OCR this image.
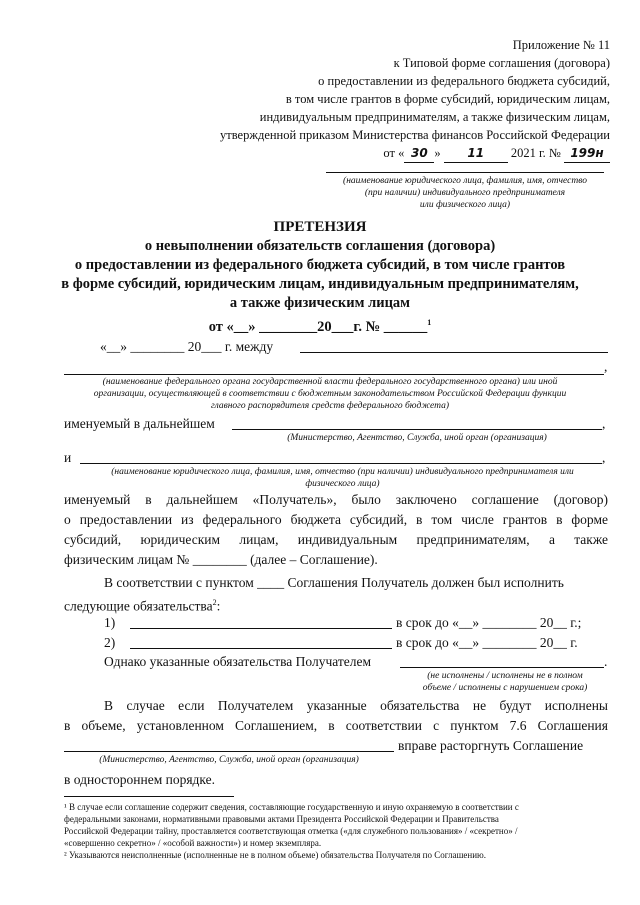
Приложение № 11
к Типовой форме соглашения (договора)
о предоставлении из федерального бюджета субсидий,
в том числе грантов в форме субсидий, юридическим лицам,
индивидуальным предпринимателям, а также физическим лицам,
утвержденной приказом Министерства финансов Российской Федерации
от « 30 » 11 2021 г. № 199н
(наименование юридического лица, фамилия, имя, отчество
(при наличии) индивидуального предпринимателя
или физического лица)
ПРЕТЕНЗИЯ
о невыполнении обязательств соглашения (договора)
о предоставлении из федерального бюджета субсидий, в том числе грантов
в форме субсидий, юридическим лицам, индивидуальным предпринимателям,
а также физическим лицам
от «__» ________20___г. № ______$^1$
«__» ________ 20___ г. между
,
(наименование федерального органа государственной власти федерального государственного органа) или иной
организации, осуществляющей в соответствии с бюджетным законодательством Российской Федерации функции
главного распорядителя средств федерального бюджета)
именуемый в дальнейшем	,
(Министерство, Агентство, Служба, иной орган (организация)
и	,
(наименование юридического лица, фамилия, имя, отчество (при наличии) индивидуального предпринимателя или
физического лица)
именуемый в дальнейшем «Получатель», было заключено соглашение (договор)
о предоставлении из федерального бюджета субсидий, в том числе грантов в форме
субсидий, юридическим лицам, индивидуальным предпринимателям, а также
физическим лицам № ________ (далее – Соглашение).
В соответствии с пунктом ____ Соглашения Получатель должен был исполнить
следующие обязательства$^2$:
1)	в срок до «__» ________ 20__ г.;
2)	в срок до «__» ________ 20__ г.
Однако указанные обязательства Получателем	.
(не исполнены / исполнены не в полном
объеме / исполнены с нарушением срока)
В случае если Получателем указанные обязательства не будут исполнены
в объеме, установленном Соглашением, в соответствии с пунктом 7.6 Соглашения
вправе расторгнуть Соглашение
(Министерство, Агентство, Служба, иной орган (организация)
в одностороннем порядке.
¹ В случае если соглашение содержит сведения, составляющие государственную и иную охраняемую в соответствии с
федеральными законами, нормативными правовыми актами Президента Российской Федерации и Правительства
Российской Федерации тайну, проставляется соответствующая отметка («для служебного пользования» / «секретно» /
«совершенно секретно» / «особой важности») и номер экземпляра.
² Указываются неисполненные (исполненные не в полном объеме) обязательства Получателя по Соглашению.
